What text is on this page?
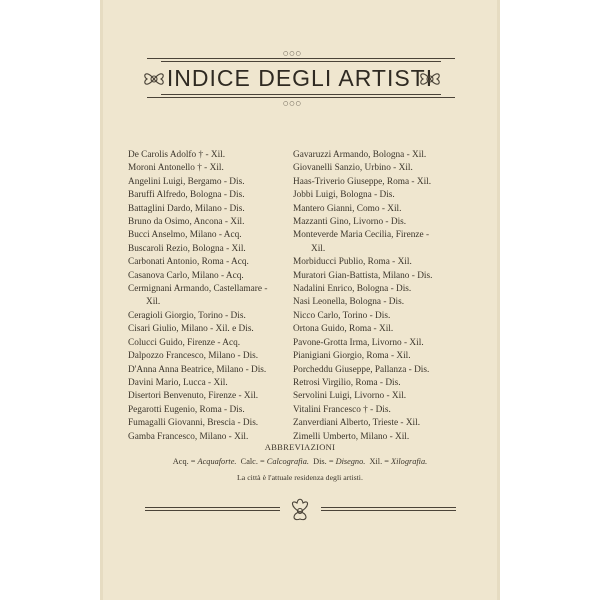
○○○
INDICE DEGLI ARTISTI
○○○
De Carolis Adolfo † - Xil.
Moroni Antonello † - Xil.
Angelini Luigi, Bergamo - Dis.
Baruffi Alfredo, Bologna - Dis.
Battaglini Dardo, Milano - Dis.
Bruno da Osimo, Ancona - Xil.
Bucci Anselmo, Milano - Acq.
Buscaroli Rezio, Bologna - Xil.
Carbonati Antonio, Roma - Acq.
Casanova Carlo, Milano - Acq.
Cermignani Armando, Castellamare -
Xil.
Ceragioli Giorgio, Torino - Dis.
Cisari Giulio, Milano - Xil. e Dis.
Colucci Guido, Firenze - Acq.
Dalpozzo Francesco, Milano - Dis.
D'Anna Anna Beatrice, Milano - Dis.
Davini Mario, Lucca - Xil.
Disertori Benvenuto, Firenze - Xil.
Pegarotti Eugenio, Roma - Dis.
Fumagalli Giovanni, Brescia - Dis.
Gamba Francesco, Milano - Xil.
Gavaruzzi Armando, Bologna - Xil.
Giovanelli Sanzio, Urbino - Xil.
Haas-Triverio Giuseppe, Roma - Xil.
Jobbi Luigi, Bologna - Dis.
Mantero Gianni, Como - Xil.
Mazzanti Gino, Livorno - Dis.
Monteverde Maria Cecilia, Firenze -
Xil.
Morbiducci Publio, Roma - Xil.
Muratori Gian-Battista, Milano - Dis.
Nadalini Enrico, Bologna - Dis.
Nasi Leonella, Bologna - Dis.
Nicco Carlo, Torino - Dis.
Ortona Guido, Roma - Xil.
Pavone-Grotta Irma, Livorno - Xil.
Pianigiani Giorgio, Roma - Xil.
Porcheddu Giuseppe, Pallanza - Dis.
Retrosi Virgilio, Roma - Dis.
Servolini Luigi, Livorno - Xil.
Vitalini Francesco † - Dis.
Zanverdiani Alberto, Trieste - Xil.
Zimelli Umberto, Milano - Xil.
ABBREVIAZIONI
Acq. = Acquaforte. Calc. = Calcografia. Dis. = Disegno. Xil. = Xilografia.
La città è l'attuale residenza degli artisti.
